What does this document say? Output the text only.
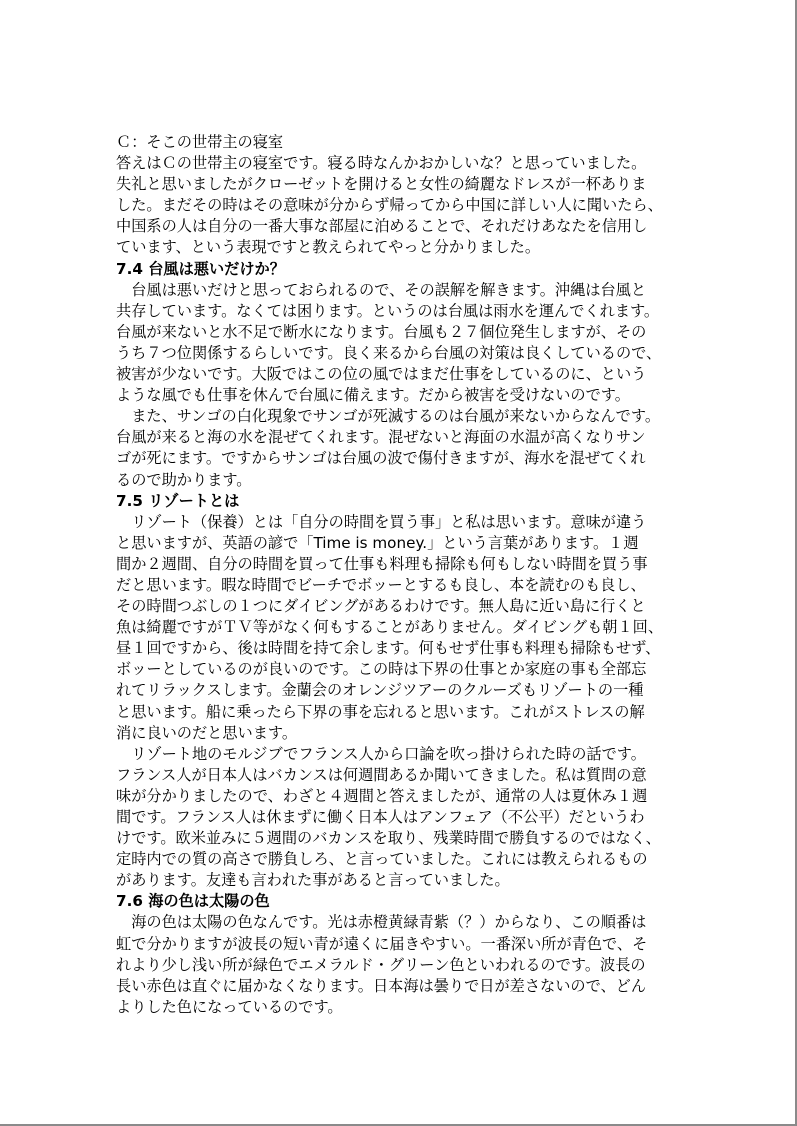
Ｃ：そこの世帯主の寝室
答えはＣの世帯主の寝室です。寝る時なんかおかしいな？と思っていました。
失礼と思いましたがクローゼットを開けると女性の綺麗なドレスが一杯ありま
した。まだその時はその意味が分からず帰ってから中国に詳しい人に聞いたら、
中国系の人は自分の一番大事な部屋に泊めることで、それだけあなたを信用し
ています、という表現ですと教えられてやっと分かりました。
7.4 台風は悪いだけか？
　台風は悪いだけと思っておられるので、その誤解を解きます。沖縄は台風と
共存しています。なくては困ります。というのは台風は雨水を運んでくれます。
台風が来ないと水不足で断水になります。台風も２７個位発生しますが、その
うち７つ位関係するらしいです。良く来るから台風の対策は良くしているので、
被害が少ないです。大阪ではこの位の風ではまだ仕事をしているのに、という
ような風でも仕事を休んで台風に備えます。だから被害を受けないのです。
　また、サンゴの白化現象でサンゴが死滅するのは台風が来ないからなんです。
台風が来ると海の水を混ぜてくれます。混ぜないと海面の水温が高くなりサン
ゴが死にます。ですからサンゴは台風の波で傷付きますが、海水を混ぜてくれ
るので助かります。
7.5 リゾートとは
　リゾート（保養）とは「自分の時間を買う事」と私は思います。意味が違う
と思いますが、英語の諺で「Time is money.」という言葉があります。１週
間か２週間、自分の時間を買って仕事も料理も掃除も何もしない時間を買う事
だと思います。暇な時間でビーチでボッーとするも良し、本を読むのも良し、
その時間つぶしの１つにダイビングがあるわけです。無人島に近い島に行くと
魚は綺麗ですがＴＶ等がなく何もすることがありません。ダイビングも朝１回、
昼１回ですから、後は時間を持て余します。何もせず仕事も料理も掃除もせず、
ボッーとしているのが良いのです。この時は下界の仕事とか家庭の事も全部忘
れてリラックスします。金蘭会のオレンジツアーのクルーズもリゾートの一種
と思います。船に乗ったら下界の事を忘れると思います。これがストレスの解
消に良いのだと思います。
　リゾート地のモルジブでフランス人から口論を吹っ掛けられた時の話です。
フランス人が日本人はバカンスは何週間あるか聞いてきました。私は質問の意
味が分かりましたので、わざと４週間と答えましたが、通常の人は夏休み１週
間です。フランス人は休まずに働く日本人はアンフェア（不公平）だというわ
けです。欧米並みに５週間のバカンスを取り、残業時間で勝負するのではなく、
定時内での質の高さで勝負しろ、と言っていました。これには教えられるもの
があります。友達も言われた事があると言っていました。
7.6 海の色は太陽の色
　海の色は太陽の色なんです。光は赤橙黄緑青紫（？）からなり、この順番は
虹で分かりますが波長の短い青が遠くに届きやすい。一番深い所が青色で、そ
れより少し浅い所が緑色でエメラルド・グリーン色といわれるのです。波長の
長い赤色は直ぐに届かなくなります。日本海は曇りで日が差さないので、どん
よりした色になっているのです。
